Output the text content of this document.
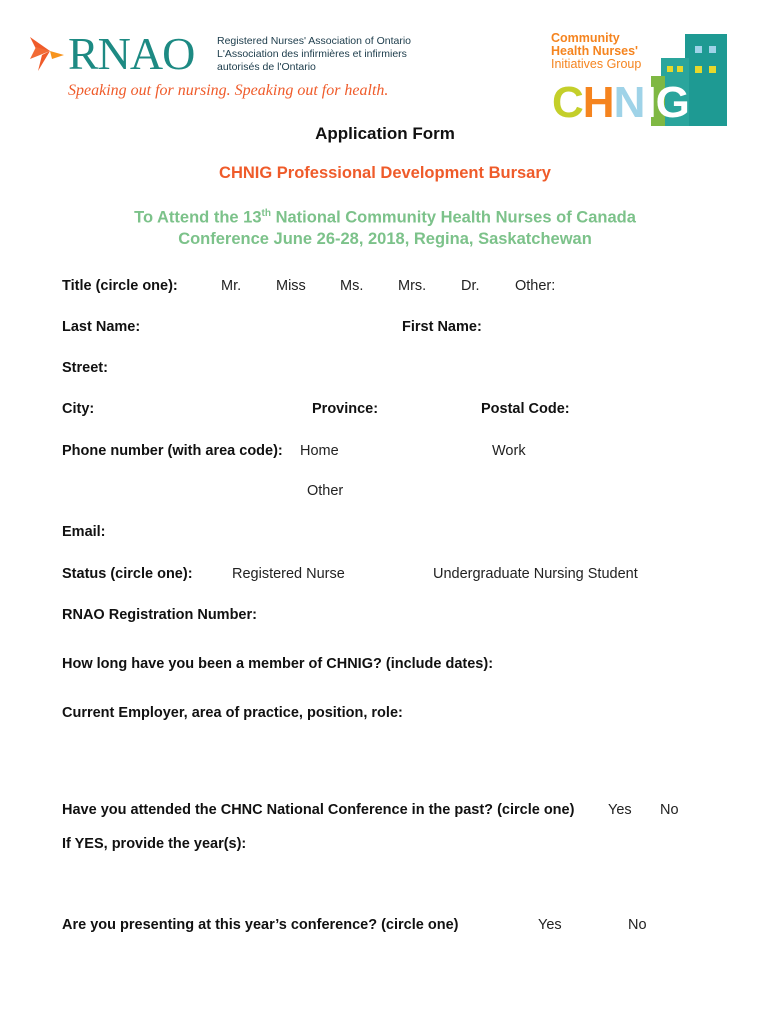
RNAO Registered Nurses' Association of Ontario
L'Association des infirmières et infirmiers
autorisés de l'Ontario
Speaking out for nursing. Speaking out for health.
Community
Health Nurses'
Initiatives Group
CHNIG
Application Form
CHNIG Professional Development Bursary
To Attend the 13th National Community Health Nurses of Canada
Conference June 26-28, 2018, Regina, Saskatchewan
Title (circle one):	Mr. Miss Ms. Mrs. Dr. Other:
Last Name:	First Name:
Street:
City:	Province:	Postal Code:
Phone number (with area code): Home	Work
Other
Email:
Status (circle one):	Registered Nurse	Undergraduate Nursing Student
RNAO Registration Number:
How long have you been a member of CHNIG? (include dates):
Current Employer, area of practice, position, role:
Have you attended the CHNC National Conference in the past? (circle one) Yes No
If YES, provide the year(s):
Are you presenting at this year’s conference? (circle one)	Yes	No
